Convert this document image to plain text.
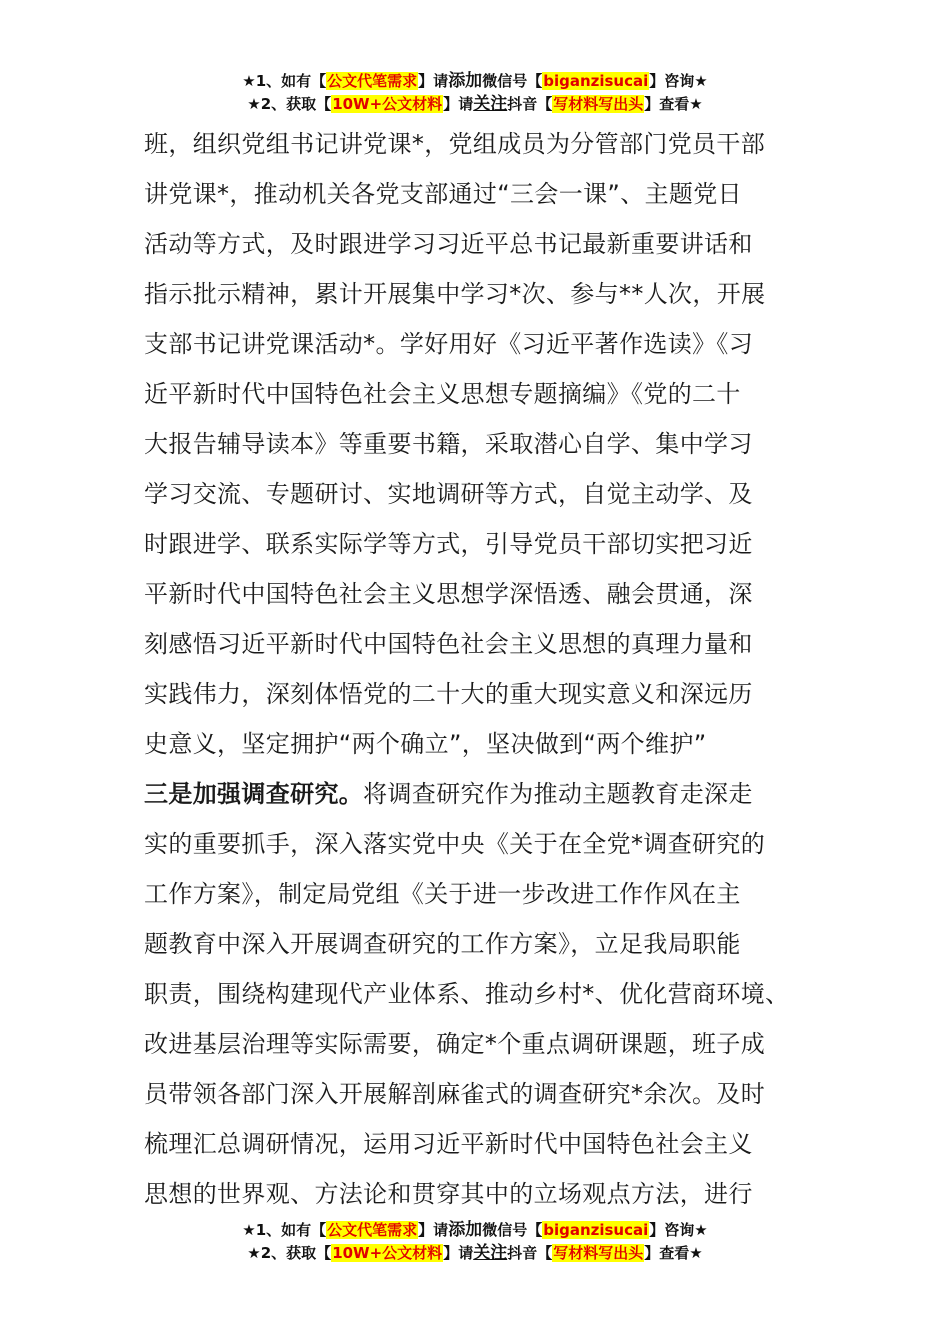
★1、如有【公文代笔需求】请添加微信号【biganzisucai】咨询★
★2、获取【10W+公文材料】请关注抖音【写材料写出头】查看★

班，组织党组书记讲党课*，党组成员为分管部门党员干部

讲党课*，推动机关各党支部通过“三会一课”、主题党日

活动等方式，及时跟进学习习近平总书记最新重要讲话和

指示批示精神，累计开展集中学习*次、参与**人次，开展

支部书记讲党课活动*。学好用好《习近平著作选读》《习

近平新时代中国特色社会主义思想专题摘编》《党的二十

大报告辅导读本》等重要书籍，采取潜心自学、集中学习

学习交流、专题研讨、实地调研等方式，自觉主动学、及

时跟进学、联系实际学等方式，引导党员干部切实把习近

平新时代中国特色社会主义思想学深悟透、融会贯通，深

刻感悟习近平新时代中国特色社会主义思想的真理力量和

实践伟力，深刻体悟党的二十大的重大现实意义和深远历

史意义，坚定拥护“两个确立”，坚决做到“两个维护”

三是加强调查研究。将调查研究作为推动主题教育走深走

实的重要抓手，深入落实党中央《关于在全党*调查研究的

工作方案》，制定局党组《关于进一步改进工作作风在主

题教育中深入开展调查研究的工作方案》，立足我局职能

职责，围绕构建现代产业体系、推动乡村*、优化营商环境、

改进基层治理等实际需要，确定*个重点调研课题，班子成

员带领各部门深入开展解剖麻雀式的调查研究*余次。及时

梳理汇总调研情况，运用习近平新时代中国特色社会主义

思想的世界观、方法论和贯穿其中的立场观点方法，进行

★1、如有【公文代笔需求】请添加微信号【biganzisucai】咨询★
★2、获取【10W+公文材料】请关注抖音【写材料写出头】查看★
